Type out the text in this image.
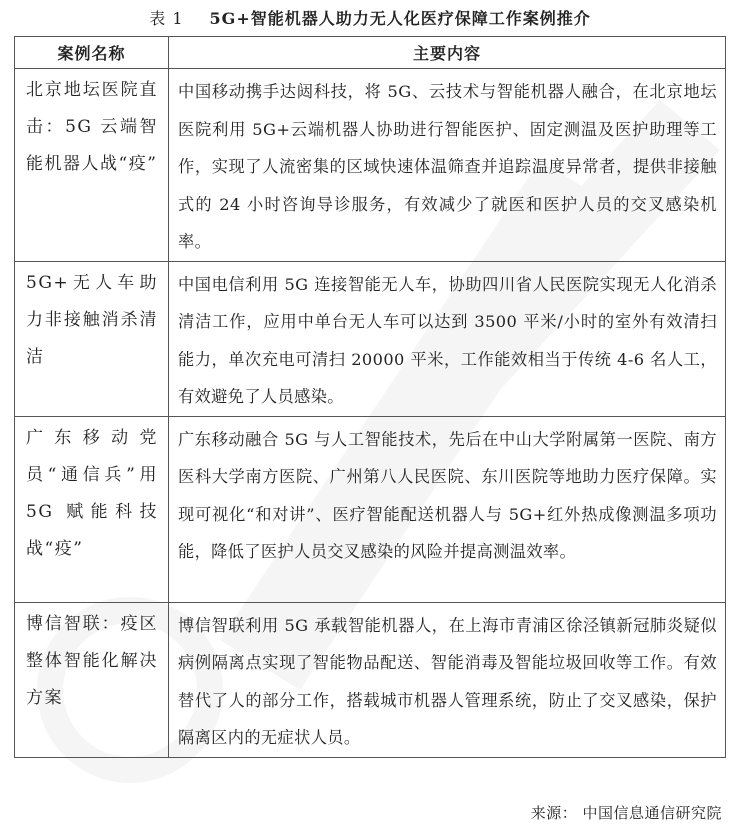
表 1 5G+智能机器人助力无人化医疗保障工作案例推介
案例名称	主要内容
北京地坛医院直击：5G 云端智能机器人战“疫”	中国移动携手达闼科技，将 5G、云技术与智能机器人融合，在北京地坛医院利用 5G+云端机器人协助进行智能医护、固定测温及医护助理等工作，实现了人流密集的区域快速体温筛查并追踪温度异常者，提供非接触式的 24 小时咨询导诊服务，有效减少了就医和医护人员的交叉感染机率。
5G+无人车助力非接触消杀清洁	中国电信利用 5G 连接智能无人车，协助四川省人民医院实现无人化消杀清洁工作，应用中单台无人车可以达到 3500 平米/小时的室外有效清扫能力，单次充电可清扫 20000 平米，工作能效相当于传统 4-6 名人工，有效避免了人员感染。
广东移动党员“通信兵”用 5G 赋能科技战“疫”	广东移动融合 5G 与人工智能技术，先后在中山大学附属第一医院、南方医科大学南方医院、广州第八人民医院、东川医院等地助力医疗保障。实现可视化“和对讲”、医疗智能配送机器人与 5G+红外热成像测温多项功能，降低了医护人员交叉感染的风险并提高测温效率。
博信智联：疫区整体智能化解决方案	博信智联利用 5G 承载智能机器人，在上海市青浦区徐泾镇新冠肺炎疑似病例隔离点实现了智能物品配送、智能消毒及智能垃圾回收等工作。有效替代了人的部分工作，搭载城市机器人管理系统，防止了交叉感染，保护隔离区内的无症状人员。
来源： 中国信息通信研究院
